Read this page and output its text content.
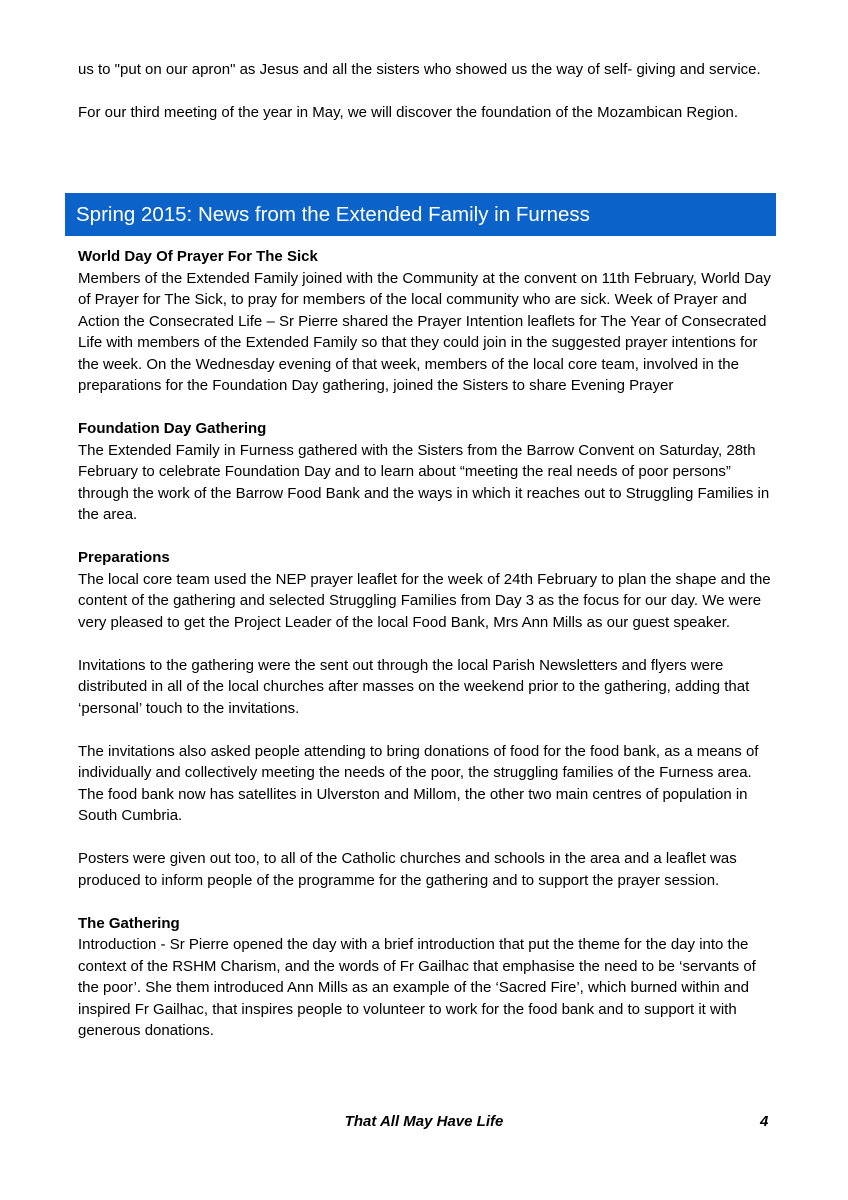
us to "put on our apron" as Jesus and all the sisters who showed us the way of self- giving and service.

For our third meeting of the year in May, we will discover the foundation of the Mozambican Region.

Spring 2015: News from the Extended Family in Furness

World Day Of Prayer For The Sick

Members of the Extended Family joined with the Community at the convent on 11th February, World Day of Prayer for The Sick, to pray for members of the local community who are sick. Week of Prayer and Action the Consecrated Life – Sr Pierre shared the Prayer Intention leaflets for The Year of Consecrated Life with members of the Extended Family so that they could join in the suggested prayer intentions for the week. On the Wednesday evening of that week, members of the local core team, involved in the preparations for the Foundation Day gathering, joined the Sisters to share Evening Prayer

Foundation Day Gathering

The Extended Family in Furness gathered with the Sisters from the Barrow Convent on Saturday, 28th February to celebrate Foundation Day and to learn about “meeting the real needs of poor persons” through the work of the Barrow Food Bank and the ways in which it reaches out to Struggling Families in the area.

Preparations

The local core team used the NEP prayer leaflet for the week of 24th February to plan the shape and the content of the gathering and selected Struggling Families from Day 3 as the focus for our day. We were very pleased to get the Project Leader of the local Food Bank, Mrs Ann Mills as our guest speaker.

Invitations to the gathering were the sent out through the local Parish Newsletters and flyers were distributed in all of the local churches after masses on the weekend prior to the gathering, adding that ‘personal’ touch to the invitations.

The invitations also asked people attending to bring donations of food for the food bank, as a means of individually and collectively meeting the needs of the poor, the struggling families of the Furness area. The food bank now has satellites in Ulverston and Millom, the other two main centres of population in South Cumbria.

Posters were given out too, to all of the Catholic churches and schools in the area and a leaflet was produced to inform people of the programme for the gathering and to support the prayer session.

The Gathering

Introduction - Sr Pierre opened the day with a brief introduction that put the theme for the day into the context of the RSHM Charism, and the words of Fr Gailhac that emphasise the need to be ‘servants of the poor’. She them introduced Ann Mills as an example of the ‘Sacred Fire’, which burned within and inspired Fr Gailhac, that inspires people to volunteer to work for the food bank and to support it with generous donations.

That All May Have Life	4
